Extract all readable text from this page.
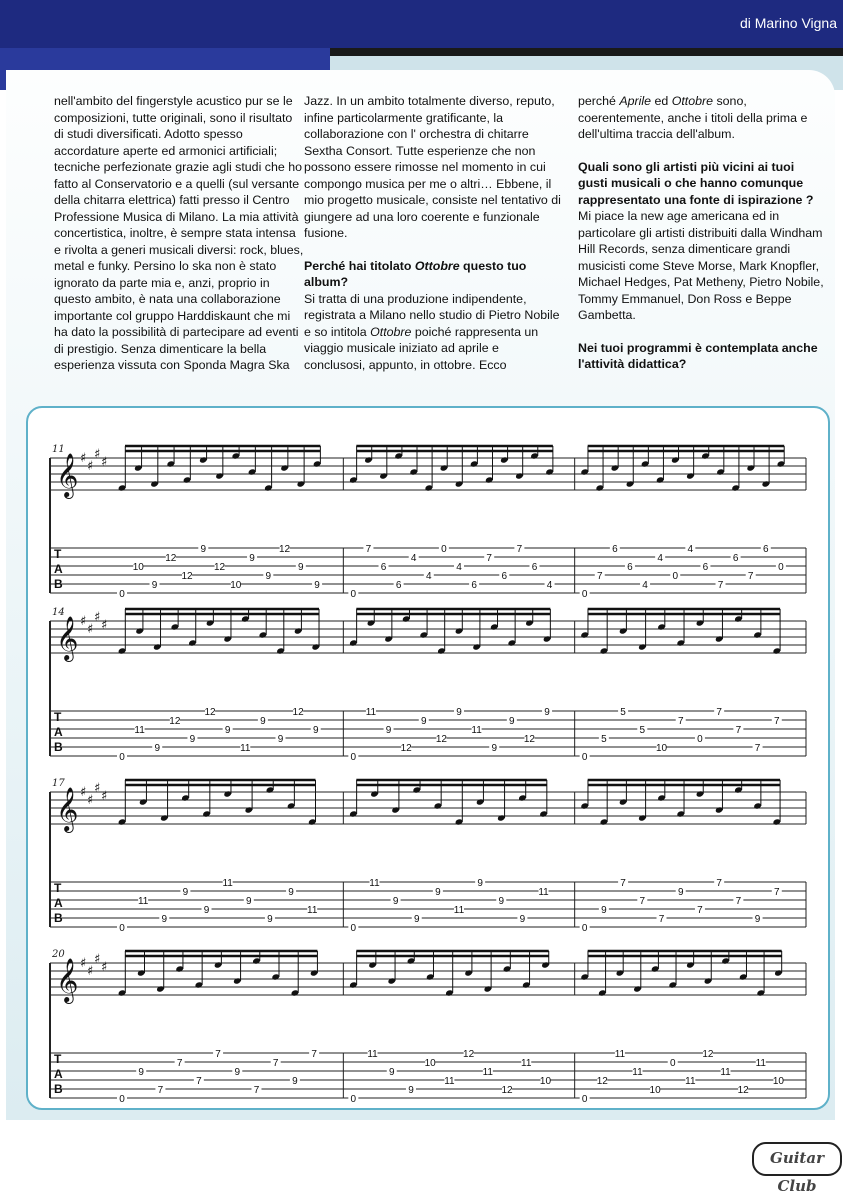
di Marino Vigna

nell'ambito del fingerstyle acustico pur se le composizioni, tutte originali, sono il risultato di studi diversificati. Adotto spesso accordature aperte ed armonici artificiali; tecniche perfezionate grazie agli studi che ho fatto al Conservatorio e a quelli (sul versante della chitarra elettrica) fatti presso il Centro Professione Musica di Milano. La mia attività concertistica, inoltre, è sempre stata intensa e rivolta a generi musicali diversi: rock, blues, metal e funky. Persino lo ska non è stato ignorato da parte mia e, anzi, proprio in questo ambito, è nata una collaborazione importante col gruppo Harddiskaunt che mi ha dato la possibilità di partecipare ad eventi di prestigio. Senza dimenticare la bella esperienza vissuta con Sponda Magra Ska

Jazz. In un ambito totalmente diverso, reputo, infine particolarmente gratificante, la collaborazione con l' orchestra di chitarre Sextha Consort. Tutte esperienze che non possono essere rimosse nel momento in cui compongo musica per me o altri… Ebbene, il mio progetto musicale, consiste nel tentativo di giungere ad una loro coerente e funzionale fusione.

Perché hai titolato Ottobre questo tuo album?

Si tratta di una produzione indipendente, registrata a Milano nello studio di Pietro Nobile e so intitola Ottobre poiché rappresenta un viaggio musicale iniziato ad aprile e conclusosi, appunto, in ottobre. Ecco

perché Aprile ed Ottobre sono, coerentemente, anche i titoli della prima e dell'ultima traccia dell'album.

Quali sono gli artisti più vicini ai tuoi gusti musicali o che hanno comunque rappresentato una fonte di ispirazione ?

Mi piace la new age americana ed in particolare gli artisti distribuiti dalla Windham Hill Records, senza dimenticare grandi musicisti come Steve Morse, Mark Knopfler, Michael Hedges, Pat Metheny, Pietro Nobile, Tommy Emmanuel, Don Ross e Beppe Gambetta.

Nei tuoi programmi è contemplata anche l'attività didattica?

11
𝄞 ♯
♯
♯
♯
T
A
B
0
10
9
12
12
9
12
10
9
9
12
9
9
0
7
6
6
4
4
0
4
6
7
6
7
6
4
0
7
6
6
4
4
0
4
6
7
6
7
6
0
14
𝄞 ♯
♯
♯
♯
T
A
B
0
11
9
12
9
12
9
11
9
9
12
9
0
11
9
12
9
12
9
11
9
9
12
9
0
5
5
5
10
7
0
7
7
7
7
17
𝄞 ♯
♯
♯
♯
T
A
B
0
11
9
9
9
11
9
9
9
11
0
11
9
9
9
11
9
9
9
11
0
9
7
7
7
9
7
7
7
9
7
20
𝄞 ♯
♯
♯
♯
T
A
B
0
9
7
7
7
7
9
7
7
9
7
0
11
9
9
10
11
12
11
12
11
10
0
12
11
11
10
0
11
12
11
12
11
10
Guitar Club
